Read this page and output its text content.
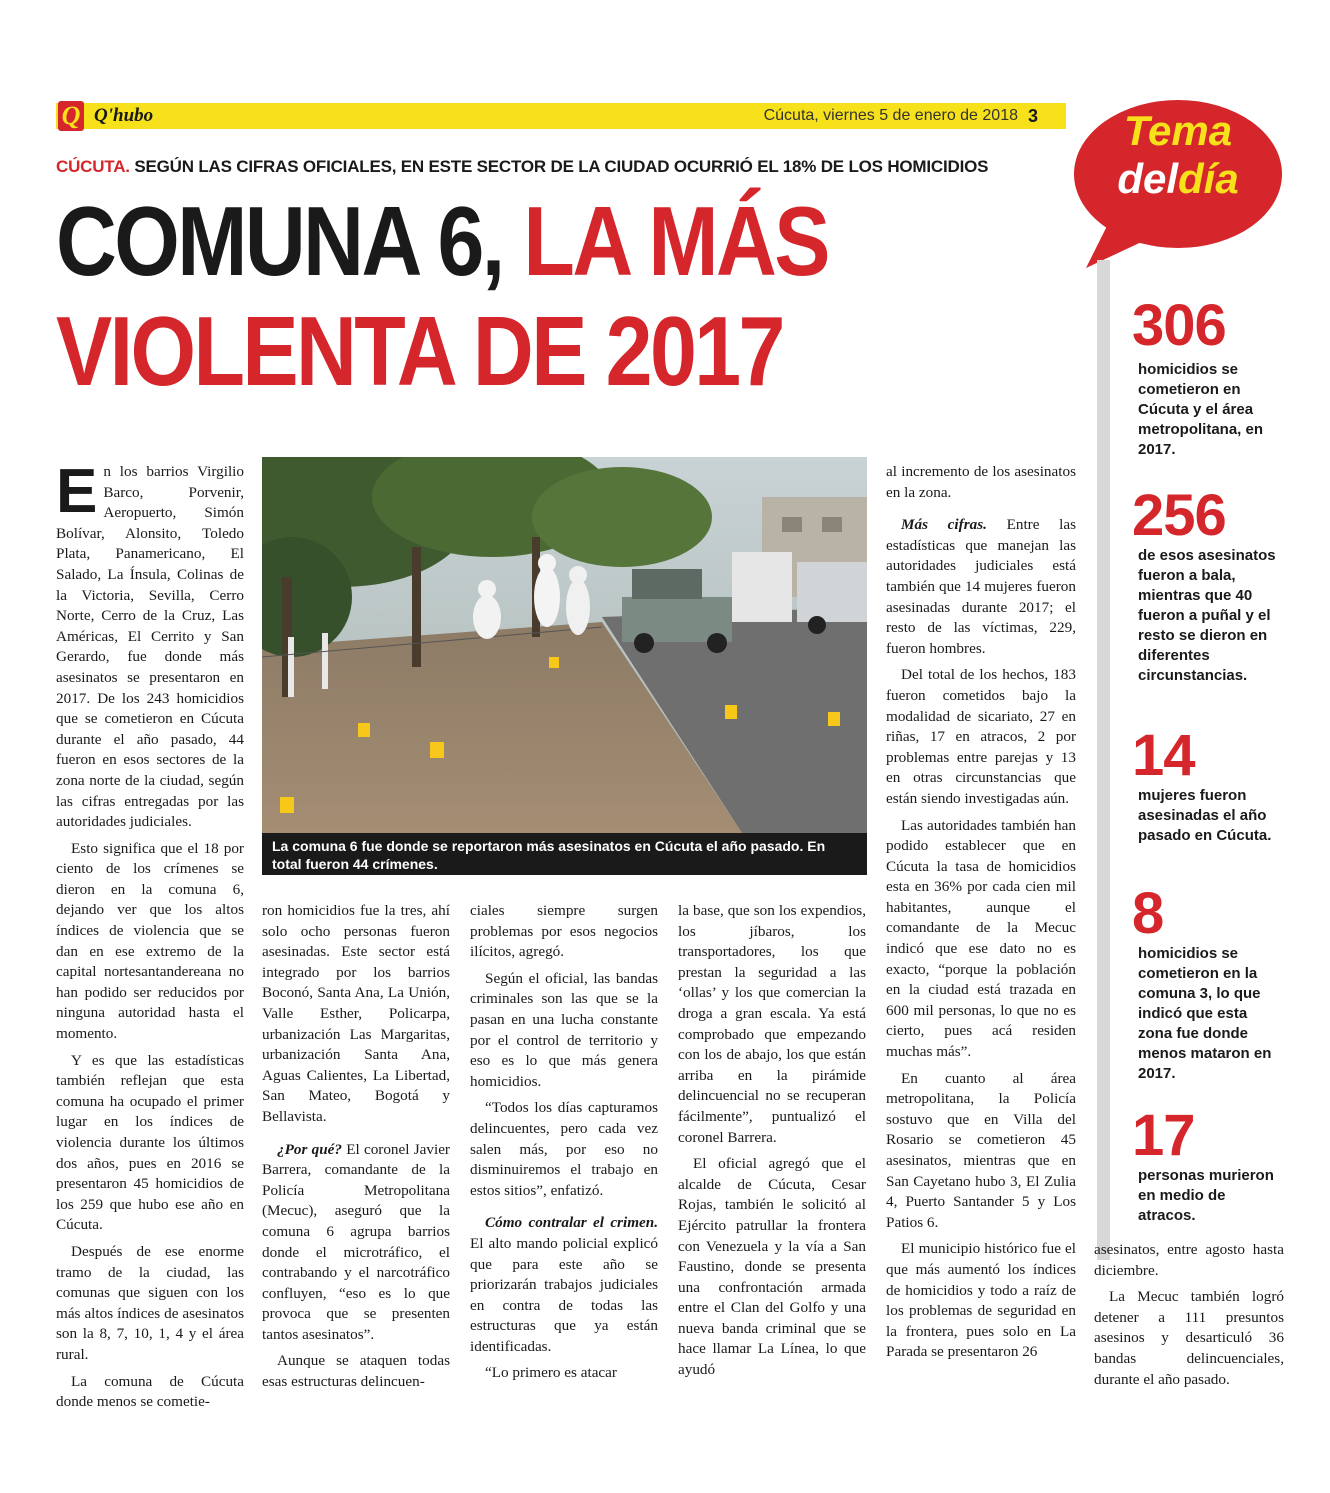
Q Q'hubo	Cúcuta, viernes 5 de enero de 2018 3	Tema
deldía
CÚCUTA. SEGÚN LAS CIFRAS OFICIALES, EN ESTE SECTOR DE LA CIUDAD OCURRIÓ EL 18% DE LOS HOMICIDIOS
COMUNA 6, LA MÁS
VIOLENTA DE 2017

En los barrios Virgilio Barco, Porvenir, Aeropuerto, Simón Bolívar, Alonsito, Toledo Plata, Panamericano, El Salado, La Ínsula, Colinas de la Victoria, Sevilla, Cerro Norte, Cerro de la Cruz, Las Américas, El Cerrito y San Gerardo, fue donde más asesinatos se presentaron en 2017. De los 243 homicidios que se cometieron en Cúcuta durante el año pasado, 44 fueron en esos sectores de la zona norte de la ciudad, según las cifras entregadas por las autoridades judiciales.

Esto significa que el 18 por ciento de los crímenes se dieron en la comuna 6, dejando ver que los altos índices de violencia que se dan en ese extremo de la capital nortesantandereana no han podido ser reducidos por ninguna autoridad hasta el momento.

Y es que las estadísticas también reflejan que esta comuna ha ocupado el primer lugar en los índices de violencia durante los últimos dos años, pues en 2016 se presentaron 45 homicidios de los 259 que hubo ese año en Cúcuta.

Después de ese enorme tramo de la ciudad, las comunas que siguen con los más altos índices de asesinatos son la 8, 7, 10, 1, 4 y el área rural.

La comuna de Cúcuta donde menos se cometie-

La comuna 6 fue donde se reportaron más asesinatos en Cúcuta el año pasado. En total fueron 44 crímenes.

ron homicidios fue la tres, ahí solo ocho personas fueron asesinadas. Este sector está integrado por los barrios Boconó, Santa Ana, La Unión, Valle Esther, Policarpa, urbanización Las Margaritas, urbanización Santa Ana, Aguas Calientes, La Libertad, San Mateo, Bogotá y Bellavista.

¿Por qué? El coronel Javier Barrera, comandante de la Policía Metropolitana (Mecuc), aseguró que la comuna 6 agrupa barrios donde el microtráfico, el contrabando y el narcotráfico confluyen, “eso es lo que provoca que se presenten tantos asesinatos”.

Aunque se ataquen todas esas estructuras delincuen-

ciales siempre surgen problemas por esos negocios ilícitos, agregó.

Según el oficial, las bandas criminales son las que se la pasan en una lucha constante por el control de territorio y eso es lo que más genera homicidios.

“Todos los días capturamos delincuentes, pero cada vez salen más, por eso no disminuiremos el trabajo en estos sitios”, enfatizó.

Cómo contralar el crimen. El alto mando policial explicó que para este año se priorizarán trabajos judiciales en contra de todas las estructuras que ya están identificadas.

“Lo primero es atacar

la base, que son los expendios, los jíbaros, los transportadores, los que prestan la seguridad a las ‘ollas’ y los que comercian la droga a gran escala. Ya está comprobado que empezando con los de abajo, los que están arriba en la pirámide delincuencial no se recuperan fácilmente”, puntualizó el coronel Barrera.

El oficial agregó que el alcalde de Cúcuta, Cesar Rojas, también le solicitó al Ejército patrullar la frontera con Venezuela y la vía a San Faustino, donde se presenta una confrontación armada entre el Clan del Golfo y una nueva banda criminal que se hace llamar La Línea, lo que ayudó

al incremento de los asesinatos en la zona.

Más cifras. Entre las estadísticas que manejan las autoridades judiciales está también que 14 mujeres fueron asesinadas durante 2017; el resto de las víctimas, 229, fueron hombres.

Del total de los hechos, 183 fueron cometidos bajo la modalidad de sicariato, 27 en riñas, 17 en atracos, 2 por problemas entre parejas y 13 en otras circunstancias que están siendo investigadas aún.

Las autoridades también han podido establecer que en Cúcuta la tasa de homicidios esta en 36% por cada cien mil habitantes, aunque el comandante de la Mecuc indicó que ese dato no es exacto, “porque la población en la ciudad está trazada en 600 mil personas, lo que no es cierto, pues acá residen muchas más”.

En cuanto al área metropolitana, la Policía sostuvo que en Villa del Rosario se cometieron 45 asesinatos, mientras que en San Cayetano hubo 3, El Zulia 4, Puerto Santander 5 y Los Patios 6.

El municipio histórico fue el que más aumentó los índices de homicidios y todo a raíz de los problemas de seguridad en la frontera, pues solo en La Parada se presentaron 26

306
homicidios se cometieron en Cúcuta y el área metropolitana, en 2017.
256
de esos asesinatos fueron a bala, mientras que 40 fueron a puñal y el resto se dieron en diferentes circunstancias.
14
mujeres fueron asesinadas el año pasado en Cúcuta.
8
homicidios se cometieron en la comuna 3, lo que indicó que esta zona fue donde menos mataron en 2017.
17
personas murieron en medio de atracos.

asesinatos, entre agosto hasta diciembre.

La Mecuc también logró detener a 111 presuntos asesinos y desarticuló 36 bandas delincuenciales, durante el año pasado.
